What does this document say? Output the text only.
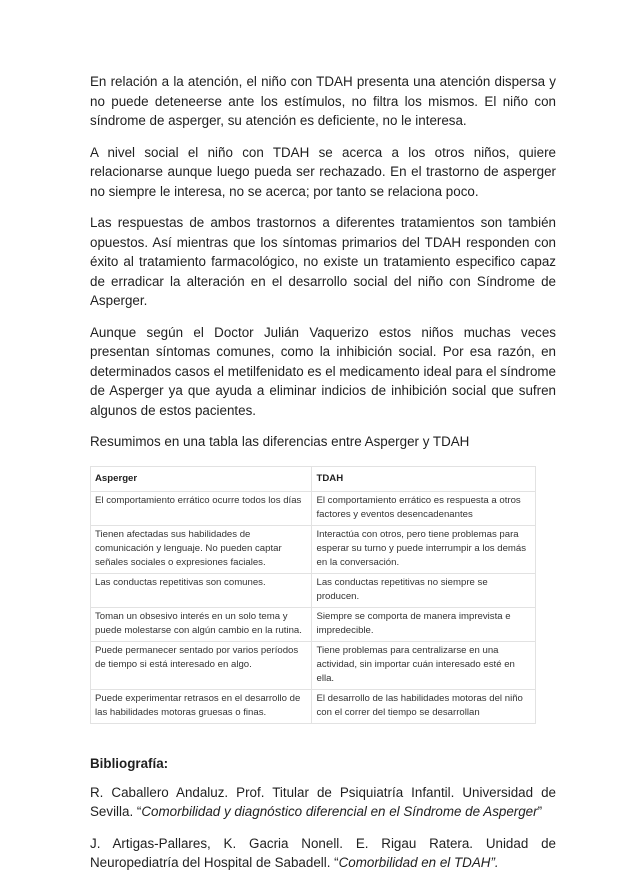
En relación a la atención, el niño con TDAH presenta una atención dispersa y no puede deteneerse ante los estímulos, no filtra los mismos. El niño con síndrome de asperger, su atención es deficiente, no le interesa.

A nivel social el niño con TDAH se acerca a los otros niños, quiere relacionarse aunque luego pueda ser rechazado. En el trastorno de asperger no siempre le interesa, no se acerca; por tanto se relaciona poco.

Las respuestas de ambos trastornos a diferentes tratamientos son también opuestos. Así mientras que los síntomas primarios del TDAH responden con éxito al tratamiento farmacológico, no existe un tratamiento especifico capaz de erradicar la alteración en el desarrollo social del niño con Síndrome de Asperger.

Aunque según el Doctor Julián Vaquerizo estos niños muchas veces presentan síntomas comunes, como la inhibición social. Por esa razón, en determinados casos el metilfenidato es el medicamento ideal para el síndrome de Asperger ya que ayuda a eliminar indicios de inhibición social que sufren algunos de estos pacientes.

Resumimos en una tabla las diferencias entre Asperger y TDAH

Asperger	TDAH
El comportamiento errático ocurre todos los días	El comportamiento errático es respuesta a otros factores y eventos desencadenantes
Tienen afectadas sus habilidades de comunicación y lenguaje. No pueden captar señales sociales o expresiones faciales.	Interactúa con otros, pero tiene problemas para esperar su turno y puede interrumpir a los demás en la conversación.
Las conductas repetitivas son comunes.	Las conductas repetitivas no siempre se producen.
Toman un obsesivo interés en un solo tema y puede molestarse con algún cambio en la rutina.	Siempre se comporta de manera imprevista e impredecible.
Puede permanecer sentado por varios períodos de tiempo si está interesado en algo.	Tiene problemas para centralizarse en una actividad, sin importar cuán interesado esté en ella.
Puede experimentar retrasos en el desarrollo de las habilidades motoras gruesas o finas.	El desarrollo de las habilidades motoras del niño con el correr del tiempo se desarrollan
Bibliografía:

R. Caballero Andaluz. Prof. Titular de Psiquiatría Infantil. Universidad de Sevilla. “Comorbilidad y diagnóstico diferencial en el Síndrome de Asperger”

J. Artigas-Pallares, K. Gacria Nonell. E. Rigau Ratera. Unidad de Neuropediatría del Hospital de Sabadell. “Comorbilidad en el TDAH”.
